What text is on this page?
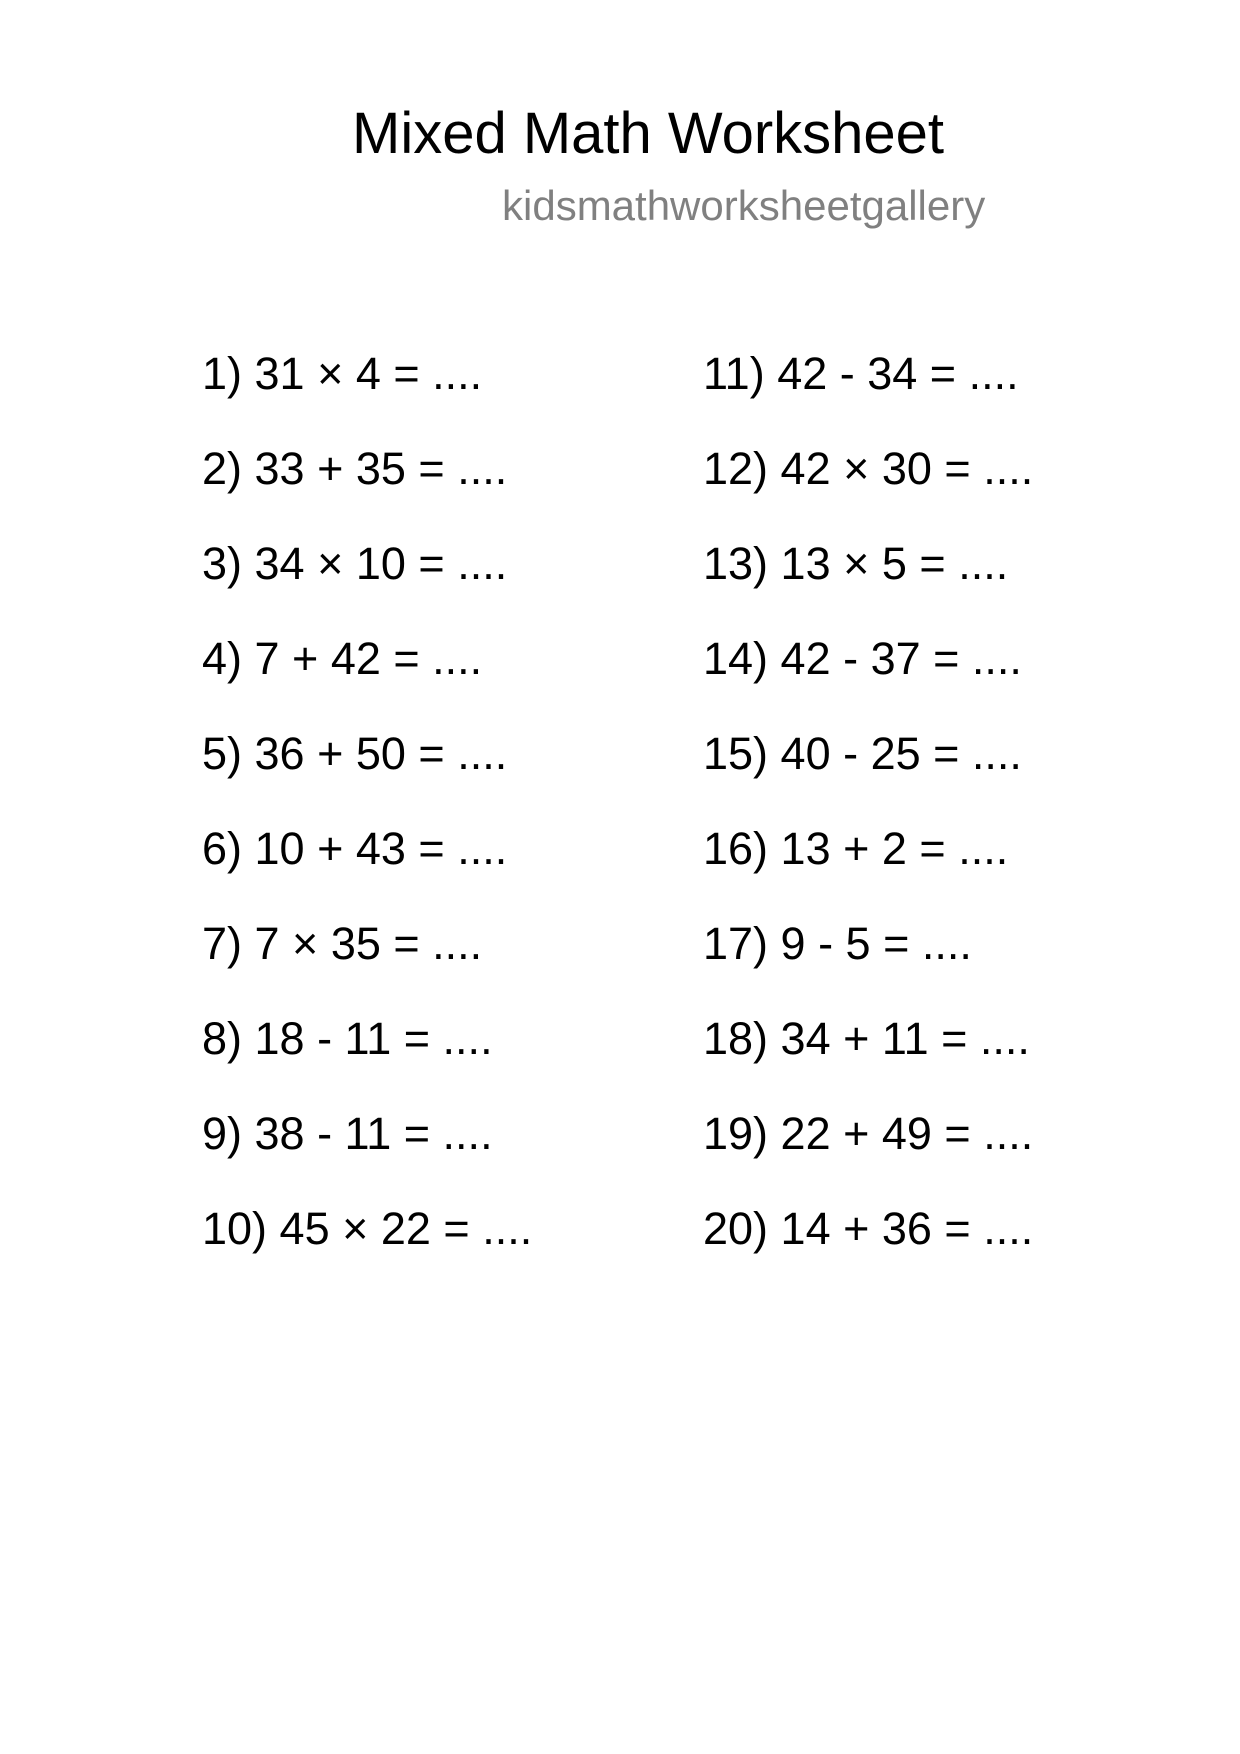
Mixed Math Worksheet
kidsmathworksheetgallery
1) 31 × 4 = ....
2) 33 + 35 = ....
3) 34 × 10 = ....
4) 7 + 42 = ....
5) 36 + 50 = ....
6) 10 + 43 = ....
7) 7 × 35 = ....
8) 18 - 11 = ....
9) 38 - 11 = ....
10) 45 × 22 = ....
11) 42 - 34 = ....
12) 42 × 30 = ....
13) 13 × 5 = ....
14) 42 - 37 = ....
15) 40 - 25 = ....
16) 13 + 2 = ....
17) 9 - 5 = ....
18) 34 + 11 = ....
19) 22 + 49 = ....
20) 14 + 36 = ....
